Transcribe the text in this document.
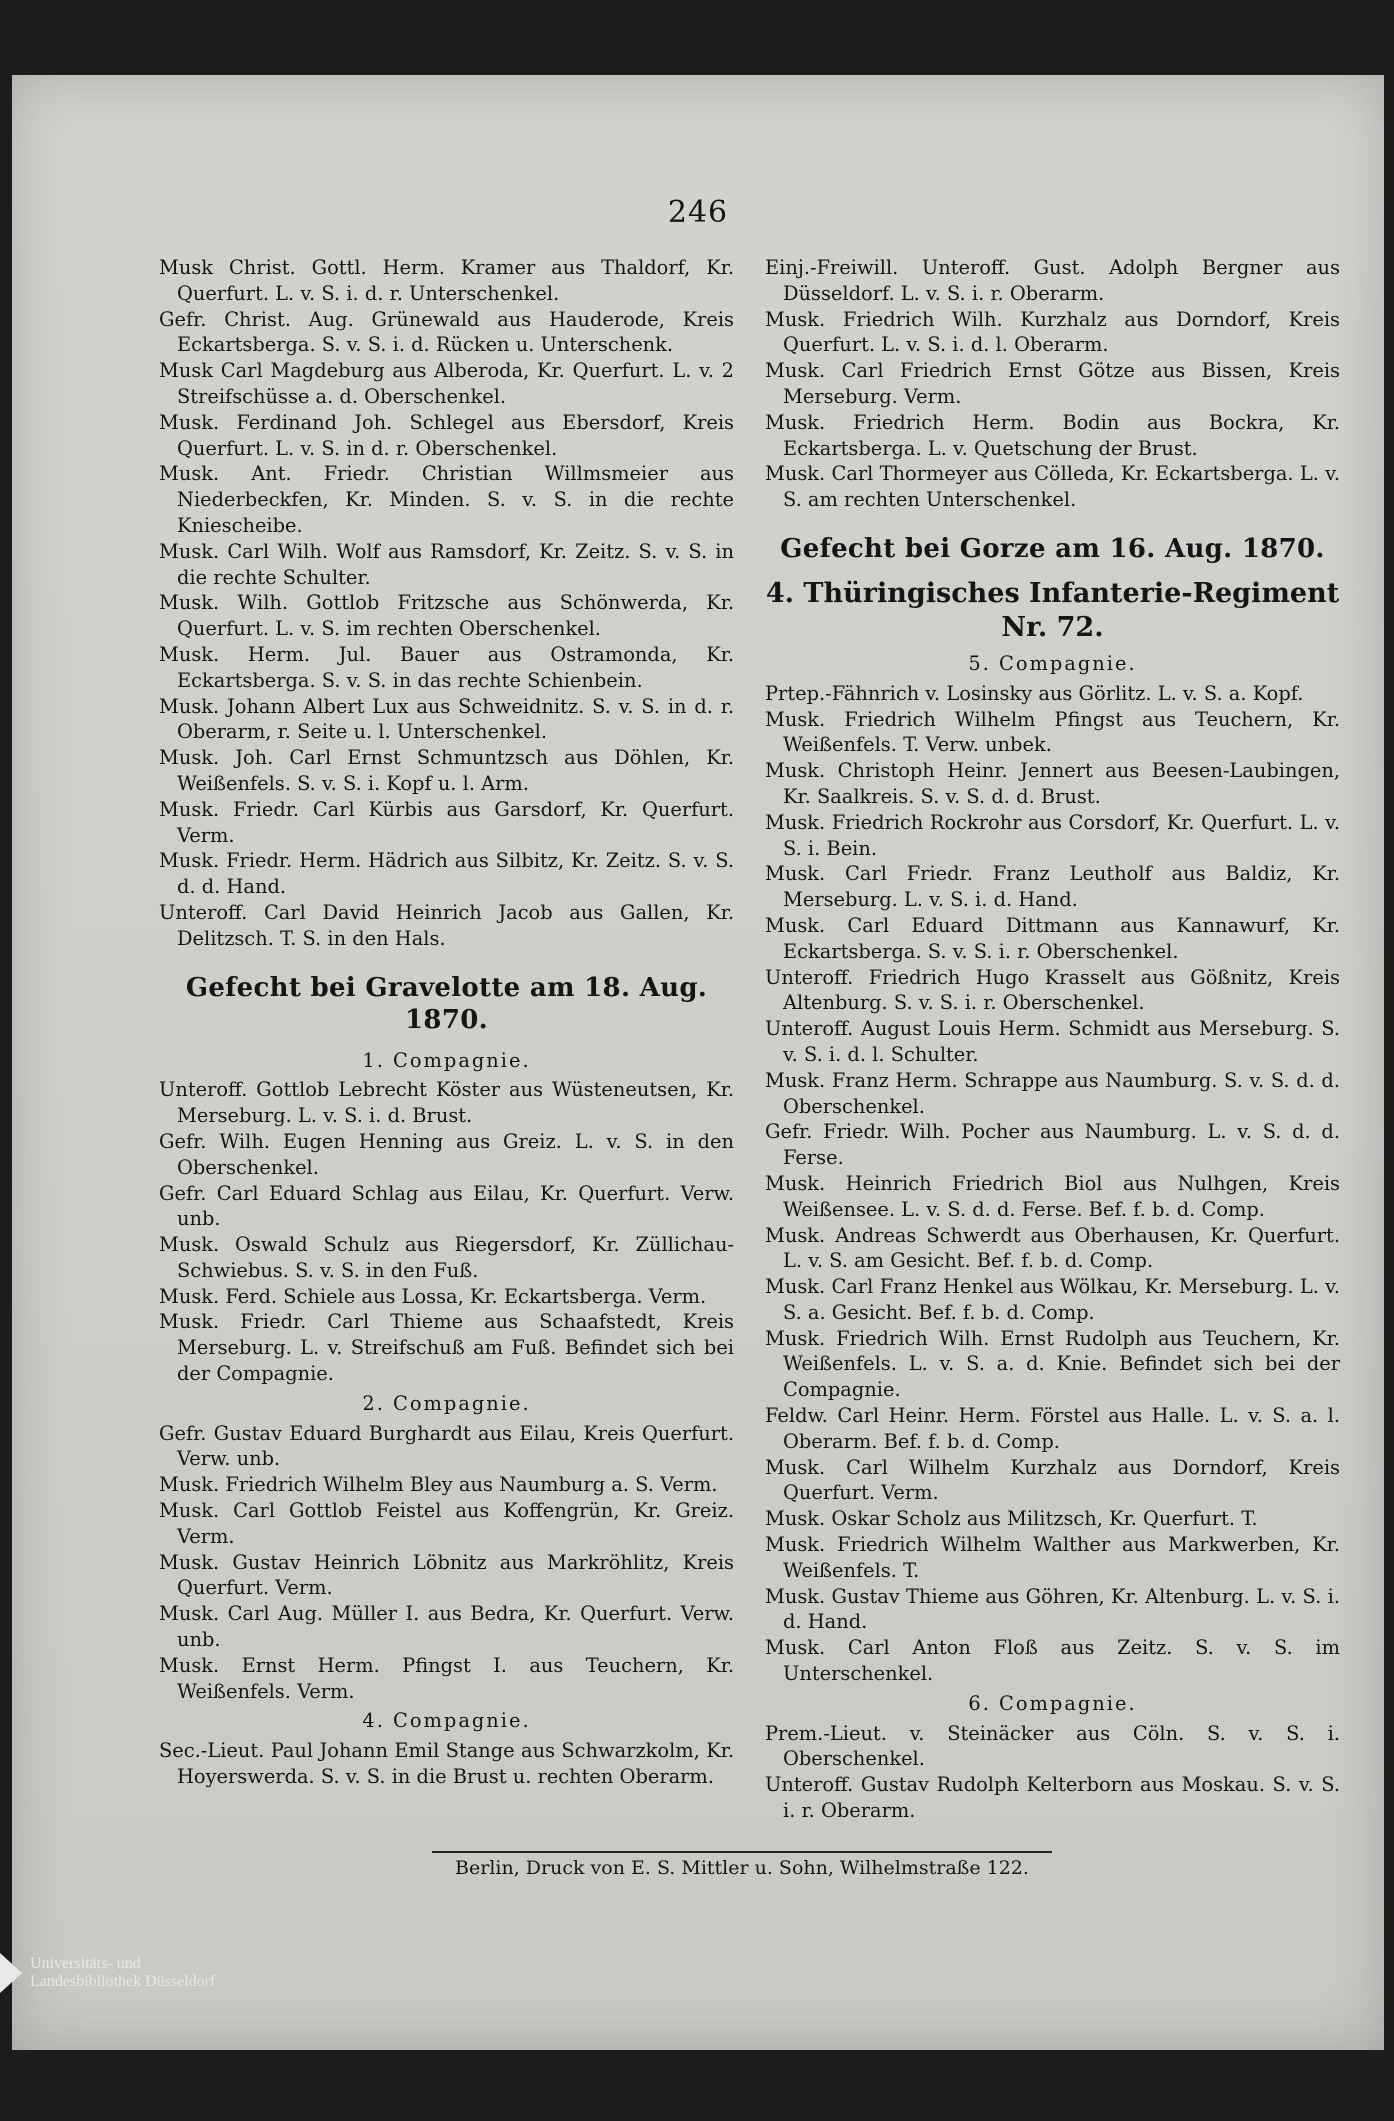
246

Musk Christ. Gottl. Herm. Kramer aus Thaldorf, Kr. Querfurt. L. v. S. i. d. r. Unterschenkel.

Gefr. Christ. Aug. Grünewald aus Hauderode, Kreis Eckartsberga. S. v. S. i. d. Rücken u. Unterschenk.

Musk Carl Magdeburg aus Alberoda, Kr. Querfurt. L. v. 2 Streifschüsse a. d. Oberschenkel.

Musk. Ferdinand Joh. Schlegel aus Ebersdorf, Kreis Querfurt. L. v. S. in d. r. Oberschenkel.

Musk. Ant. Friedr. Christian Willmsmeier aus Niederbeckfen, Kr. Minden. S. v. S. in die rechte Kniescheibe.

Musk. Carl Wilh. Wolf aus Ramsdorf, Kr. Zeitz. S. v. S. in die rechte Schulter.

Musk. Wilh. Gottlob Fritzsche aus Schönwerda, Kr. Querfurt. L. v. S. im rechten Oberschenkel.

Musk. Herm. Jul. Bauer aus Ostramonda, Kr. Eckartsberga. S. v. S. in das rechte Schienbein.

Musk. Johann Albert Lux aus Schweidnitz. S. v. S. in d. r. Oberarm, r. Seite u. l. Unterschenkel.

Musk. Joh. Carl Ernst Schmuntzsch aus Döhlen, Kr. Weißenfels. S. v. S. i. Kopf u. l. Arm.

Musk. Friedr. Carl Kürbis aus Garsdorf, Kr. Querfurt. Verm.

Musk. Friedr. Herm. Hädrich aus Silbitz, Kr. Zeitz. S. v. S. d. d. Hand.

Unteroff. Carl David Heinrich Jacob aus Gallen, Kr. Delitzsch. T. S. in den Hals.

Gefecht bei Gravelotte am 18. Aug. 1870.
1. Compagnie.

Unteroff. Gottlob Lebrecht Köster aus Wüsteneutsen, Kr. Merseburg. L. v. S. i. d. Brust.

Gefr. Wilh. Eugen Henning aus Greiz. L. v. S. in den Oberschenkel.

Gefr. Carl Eduard Schlag aus Eilau, Kr. Querfurt. Verw. unb.

Musk. Oswald Schulz aus Riegersdorf, Kr. Züllichau-Schwiebus. S. v. S. in den Fuß.

Musk. Ferd. Schiele aus Lossa, Kr. Eckartsberga. Verm.

Musk. Friedr. Carl Thieme aus Schaafstedt, Kreis Merseburg. L. v. Streifschuß am Fuß. Befindet sich bei der Compagnie.

2. Compagnie.

Gefr. Gustav Eduard Burghardt aus Eilau, Kreis Querfurt. Verw. unb.

Musk. Friedrich Wilhelm Bley aus Naumburg a. S. Verm.

Musk. Carl Gottlob Feistel aus Koffengrün, Kr. Greiz. Verm.

Musk. Gustav Heinrich Löbnitz aus Markröhlitz, Kreis Querfurt. Verm.

Musk. Carl Aug. Müller I. aus Bedra, Kr. Querfurt. Verw. unb.

Musk. Ernst Herm. Pfingst I. aus Teuchern, Kr. Weißenfels. Verm.

4. Compagnie.

Sec.-Lieut. Paul Johann Emil Stange aus Schwarzkolm, Kr. Hoyerswerda. S. v. S. in die Brust u. rechten Oberarm.

Einj.-Freiwill. Unteroff. Gust. Adolph Bergner aus Düsseldorf. L. v. S. i. r. Oberarm.

Musk. Friedrich Wilh. Kurzhalz aus Dorndorf, Kreis Querfurt. L. v. S. i. d. l. Oberarm.

Musk. Carl Friedrich Ernst Götze aus Bissen, Kreis Merseburg. Verm.

Musk. Friedrich Herm. Bodin aus Bockra, Kr. Eckartsberga. L. v. Quetschung der Brust.

Musk. Carl Thormeyer aus Cölleda, Kr. Eckartsberga. L. v. S. am rechten Unterschenkel.

Gefecht bei Gorze am 16. Aug. 1870.
4. Thüringisches Infanterie-Regiment Nr. 72.
5. Compagnie.

Prtep.-Fähnrich v. Losinsky aus Görlitz. L. v. S. a. Kopf.

Musk. Friedrich Wilhelm Pfingst aus Teuchern, Kr. Weißenfels. T. Verw. unbek.

Musk. Christoph Heinr. Jennert aus Beesen-Laubingen, Kr. Saalkreis. S. v. S. d. d. Brust.

Musk. Friedrich Rockrohr aus Corsdorf, Kr. Querfurt. L. v. S. i. Bein.

Musk. Carl Friedr. Franz Leutholf aus Baldiz, Kr. Merseburg. L. v. S. i. d. Hand.

Musk. Carl Eduard Dittmann aus Kannawurf, Kr. Eckartsberga. S. v. S. i. r. Oberschenkel.

Unteroff. Friedrich Hugo Krasselt aus Gößnitz, Kreis Altenburg. S. v. S. i. r. Oberschenkel.

Unteroff. August Louis Herm. Schmidt aus Merseburg. S. v. S. i. d. l. Schulter.

Musk. Franz Herm. Schrappe aus Naumburg. S. v. S. d. d. Oberschenkel.

Gefr. Friedr. Wilh. Pocher aus Naumburg. L. v. S. d. d. Ferse.

Musk. Heinrich Friedrich Biol aus Nulhgen, Kreis Weißensee. L. v. S. d. d. Ferse. Bef. f. b. d. Comp.

Musk. Andreas Schwerdt aus Oberhausen, Kr. Querfurt. L. v. S. am Gesicht. Bef. f. b. d. Comp.

Musk. Carl Franz Henkel aus Wölkau, Kr. Merseburg. L. v. S. a. Gesicht. Bef. f. b. d. Comp.

Musk. Friedrich Wilh. Ernst Rudolph aus Teuchern, Kr. Weißenfels. L. v. S. a. d. Knie. Befindet sich bei der Compagnie.

Feldw. Carl Heinr. Herm. Förstel aus Halle. L. v. S. a. l. Oberarm. Bef. f. b. d. Comp.

Musk. Carl Wilhelm Kurzhalz aus Dorndorf, Kreis Querfurt. Verm.

Musk. Oskar Scholz aus Militzsch, Kr. Querfurt. T.

Musk. Friedrich Wilhelm Walther aus Markwerben, Kr. Weißenfels. T.

Musk. Gustav Thieme aus Göhren, Kr. Altenburg. L. v. S. i. d. Hand.

Musk. Carl Anton Floß aus Zeitz. S. v. S. im Unterschenkel.

6. Compagnie.

Prem.-Lieut. v. Steinäcker aus Cöln. S. v. S. i. Oberschenkel.

Unteroff. Gustav Rudolph Kelterborn aus Moskau. S. v. S. i. r. Oberarm.

Berlin, Druck von E. S. Mittler u. Sohn, Wilhelmstraße 122.
Universitäts- und
Landesbibliothek Düsseldorf
